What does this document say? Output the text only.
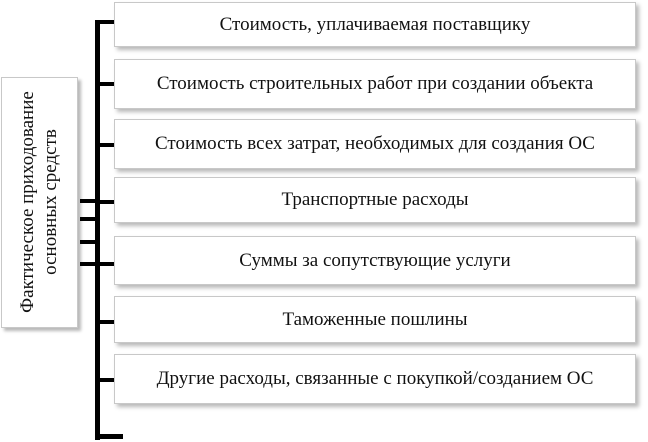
Фактическое приходование основных средств
Стоимость, уплачиваемая поставщику
Стоимость строительных работ при создании объекта
Стоимость всех затрат, необходимых для создания ОС
Транспортные расходы
Суммы за сопутствующие услуги
Таможенные пошлины
Другие расходы, связанные с покупкой/созданием ОС
